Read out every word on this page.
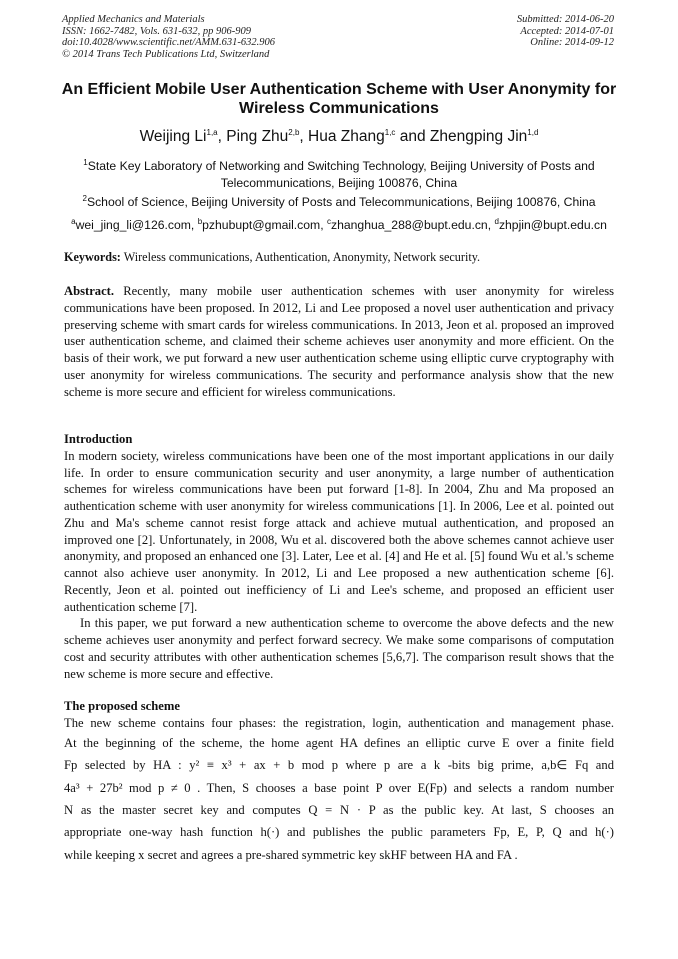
Applied Mechanics and Materials
ISSN: 1662-7482, Vols. 631-632, pp 906-909
doi:10.4028/www.scientific.net/AMM.631-632.906
© 2014 Trans Tech Publications Ltd, Switzerland
Submitted: 2014-06-20
Accepted: 2014-07-01
Online: 2014-09-12
An Efficient Mobile User Authentication Scheme with User Anonymity for Wireless Communications
Weijing Li$^{1,a}$, Ping Zhu$^{2,b}$, Hua Zhang$^{1,c}$ and Zhengping Jin$^{1,d}$
$^1$State Key Laboratory of Networking and Switching Technology, Beijing University of Posts and Telecommunications, Beijing 100876, China
$^2$School of Science, Beijing University of Posts and Telecommunications, Beijing 100876, China
$^a$wei_jing_li@126.com, $^b$pzhubupt@gmail.com, $^c$zhanghua_288@bupt.edu.cn, $^d$zhpjin@bupt.edu.cn
Keywords: Wireless communications, Authentication, Anonymity, Network security.
Abstract. Recently, many mobile user authentication schemes with user anonymity for wireless communications have been proposed. In 2012, Li and Lee proposed a novel user authentication and privacy preserving scheme with smart cards for wireless communications. In 2013, Jeon et al. proposed an improved user authentication scheme, and claimed their scheme achieves user anonymity and more efficient. On the basis of their work, we put forward a new user authentication scheme using elliptic curve cryptography with user anonymity for wireless communications. The security and performance analysis show that the new scheme is more secure and efficient for wireless communications.

Introduction

In modern society, wireless communications have been one of the most important applications in our daily life. In order to ensure communication security and user anonymity, a large number of authentication schemes for wireless communications have been put forward [1-8]. In 2004, Zhu and Ma proposed an authentication scheme with user anonymity for wireless communications [1]. In 2006, Lee et al. pointed out Zhu and Ma's scheme cannot resist forge attack and achieve mutual authentication, and proposed an improved one [2]. Unfortunately, in 2008, Wu et al. discovered both the above schemes cannot achieve user anonymity, and proposed an enhanced one [3]. Later, Lee et al. [4] and He et al. [5] found Wu et al.'s scheme cannot also achieve user anonymity. In 2012, Li and Lee proposed a new authentication scheme [6]. Recently, Jeon et al. pointed out inefficiency of Li and Lee's scheme, and proposed an efficient user authentication scheme [7].

In this paper, we put forward a new authentication scheme to overcome the above defects and the new scheme achieves user anonymity and perfect forward secrecy. We make some comparisons of computation cost and security attributes with other authentication schemes [5,6,7]. The comparison result shows that the new scheme is more secure and effective.

The proposed scheme

The new scheme contains four phases: the registration, login, authentication and management phase.
At the beginning of the scheme, the home agent HA defines an elliptic curve E over a finite field
Fp selected by HA : y² ≡ x³ + ax + b mod p where p are a k -bits big prime, a,b∈ Fq and
4a³ + 27b² mod p ≠ 0 . Then, S chooses a base point P over E(Fp) and selects a random number
N as the master secret key and computes Q = N · P as the public key. At last, S chooses an
appropriate one-way hash function h(·) and publishes the public parameters Fp, E, P, Q and h(·)
while keeping x secret and agrees a pre-shared symmetric key skHF between HA and FA .
